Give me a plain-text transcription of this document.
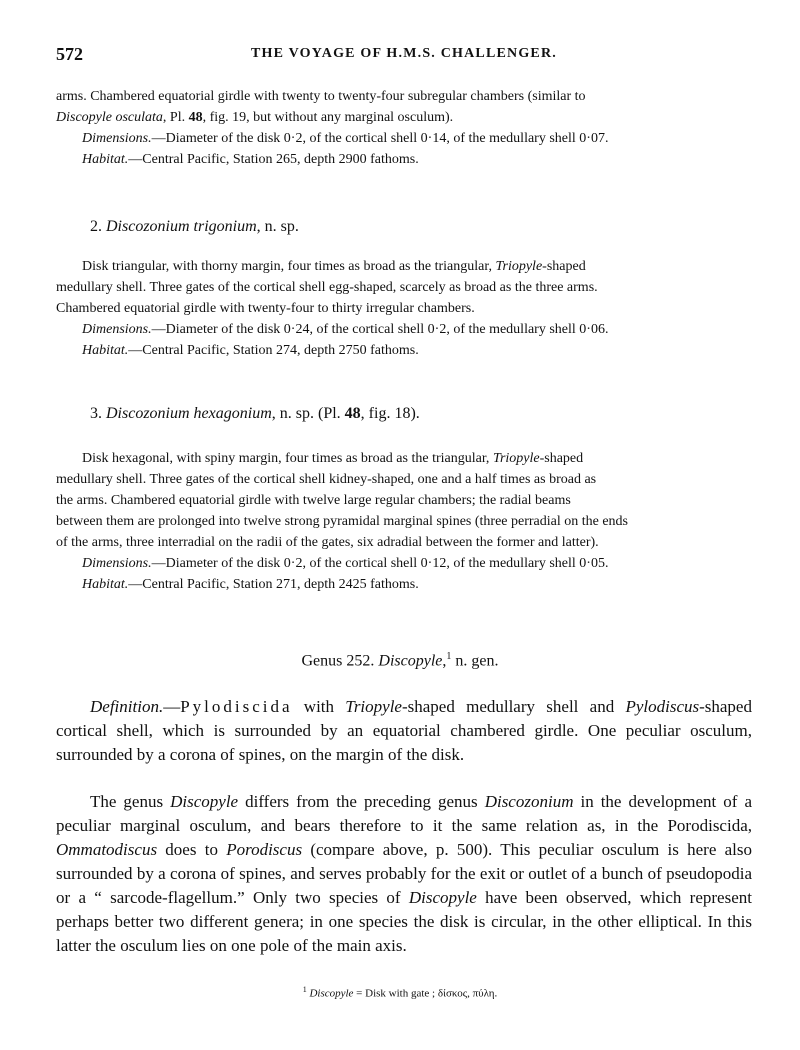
572	THE VOYAGE OF H.M.S. CHALLENGER.

arms. Chambered equatorial girdle with twenty to twenty-four subregular chambers (similar to

Discopyle osculata, Pl. 48, fig. 19, but without any marginal osculum).

Dimensions.—Diameter of the disk 0·2, of the cortical shell 0·14, of the medullary shell 0·07.

Habitat.—Central Pacific, Station 265, depth 2900 fathoms.

2. Discozonium trigonium, n. sp.

Disk triangular, with thorny margin, four times as broad as the triangular, Triopyle-shaped

medullary shell. Three gates of the cortical shell egg-shaped, scarcely as broad as the three arms.

Chambered equatorial girdle with twenty-four to thirty irregular chambers.

Dimensions.—Diameter of the disk 0·24, of the cortical shell 0·2, of the medullary shell 0·06.

Habitat.—Central Pacific, Station 274, depth 2750 fathoms.

3. Discozonium hexagonium, n. sp. (Pl. 48, fig. 18).

Disk hexagonal, with spiny margin, four times as broad as the triangular, Triopyle-shaped

medullary shell. Three gates of the cortical shell kidney-shaped, one and a half times as broad as

the arms. Chambered equatorial girdle with twelve large regular chambers; the radial beams

between them are prolonged into twelve strong pyramidal marginal spines (three perradial on the ends

of the arms, three interradial on the radii of the gates, six adradial between the former and latter).

Dimensions.—Diameter of the disk 0·2, of the cortical shell 0·12, of the medullary shell 0·05.

Habitat.—Central Pacific, Station 271, depth 2425 fathoms.

Genus 252. Discopyle,$^1$ n. gen.

Definition.—Pylodiscida with Triopyle-shaped medullary shell and Pylodiscus-shaped cortical shell, which is surrounded by an equatorial chambered girdle. One peculiar osculum, surrounded by a corona of spines, on the margin of the disk.

The genus Discopyle differs from the preceding genus Discozonium in the development of a peculiar marginal osculum, and bears therefore to it the same relation as, in the Porodiscida, Ommatodiscus does to Porodiscus (compare above, p. 500). This peculiar osculum is here also surrounded by a corona of spines, and serves probably for the exit or outlet of a bunch of pseudopodia or a “ sarcode-flagellum.” Only two species of Discopyle have been observed, which represent perhaps better two different genera; in one species the disk is circular, in the other elliptical. In this latter the osculum lies on one pole of the main axis.

$^1$ Discopyle = Disk with gate ; δίσκος, πύλη.
